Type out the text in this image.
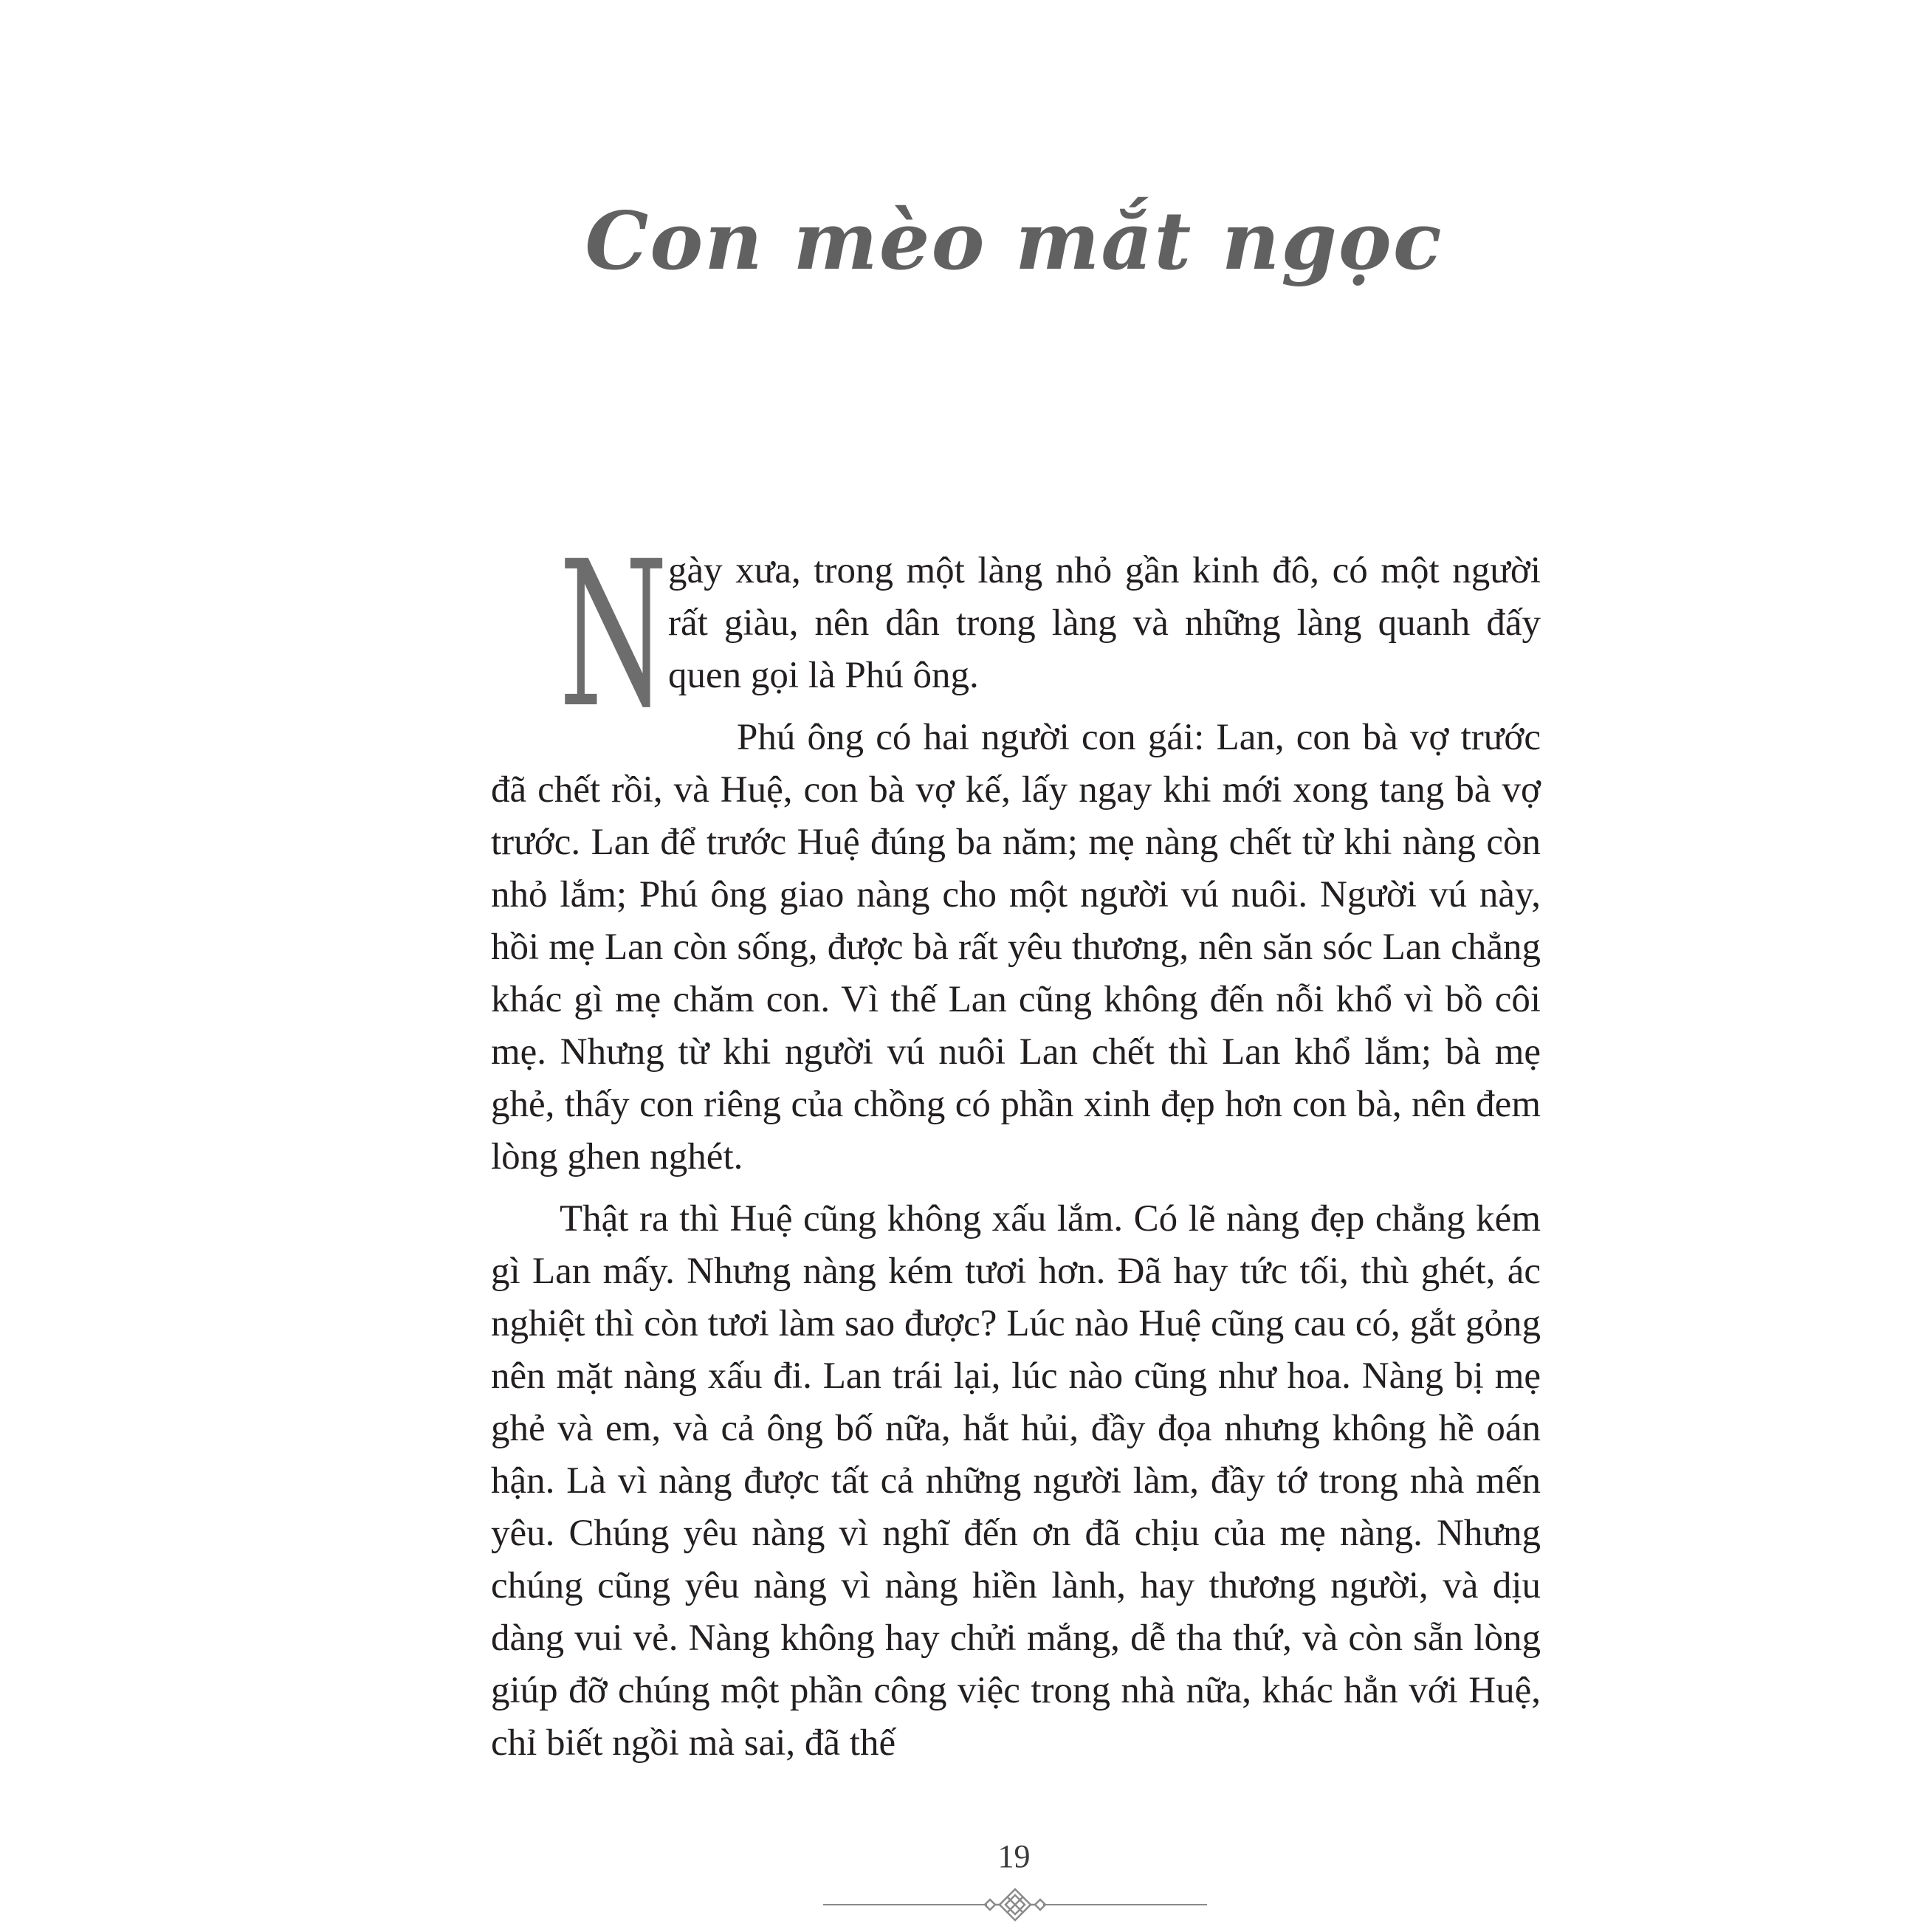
Con mèo mắt ngọc

N gày xưa, trong một làng nhỏ gần kinh đô, có một người rất giàu, nên dân trong làng và những làng quanh đấy quen gọi là Phú ông.

Phú ông có hai người con gái: Lan, con bà vợ trước đã chết rồi, và Huệ, con bà vợ kế, lấy ngay khi mới xong tang bà vợ trước. Lan để trước Huệ đúng ba năm; mẹ nàng chết từ khi nàng còn nhỏ lắm; Phú ông giao nàng cho một người vú nuôi. Người vú này, hồi mẹ Lan còn sống, được bà rất yêu thương, nên săn sóc Lan chẳng khác gì mẹ chăm con. Vì thế Lan cũng không đến nỗi khổ vì bồ côi mẹ. Nhưng từ khi người vú nuôi Lan chết thì Lan khổ lắm; bà mẹ ghẻ, thấy con riêng của chồng có phần xinh đẹp hơn con bà, nên đem lòng ghen nghét.

Thật ra thì Huệ cũng không xấu lắm. Có lẽ nàng đẹp chẳng kém gì Lan mấy. Nhưng nàng kém tươi hơn. Đã hay tức tối, thù ghét, ác nghiệt thì còn tươi làm sao được? Lúc nào Huệ cũng cau có, gắt gỏng nên mặt nàng xấu đi. Lan trái lại, lúc nào cũng như hoa. Nàng bị mẹ ghẻ và em, và cả ông bố nữa, hắt hủi, đầy đọa nhưng không hề oán hận. Là vì nàng được tất cả những người làm, đầy tớ trong nhà mến yêu. Chúng yêu nàng vì nghĩ đến ơn đã chịu của mẹ nàng. Nhưng chúng cũng yêu nàng vì nàng hiền lành, hay thương người, và dịu dàng vui vẻ. Nàng không hay chửi mắng, dễ tha thứ, và còn sẵn lòng giúp đỡ chúng một phần công việc trong nhà nữa, khác hẳn với Huệ, chỉ biết ngồi mà sai, đã thế

19
